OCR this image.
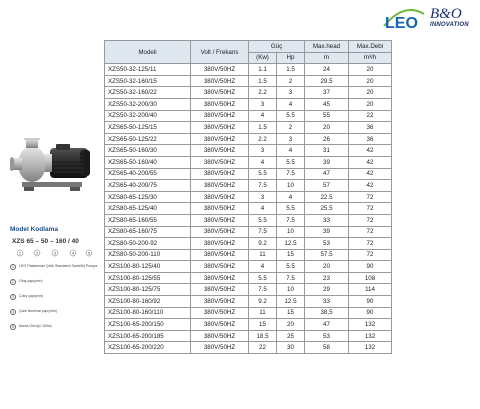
LEO
B&O
INNOVATION
Model Kodlama
XZS 65 – 50 – 160 / 40
1	2	3	4	5
1	LEO Paslanmaz Çelik Standardı Santrifüj Pompa
2	Giriş çapı(mm)
3	Çıkış çapı(mm)
4	Çark Nominal çapı(mm)
5	Anma Gücü(x 100w)
Modeli	Volt / Frekans	Güç		Max.head	Max.Debi
		(Kw)	Hp	m	m³/h
XZS50-32-125/11	380V/50HZ	1.1	1.5	24	20
XZS50-32-160/15	380V/50HZ	1.5	2	29.5	20
XZS50-32-160/22	380V/50HZ	2.2	3	37	20
XZS50-32-200/30	380V/50HZ	3	4	45	20
XZS50-32-200/40	380V/50HZ	4	5.5	55	22
XZS65-50-125/15	380V/50HZ	1.5	2	20	36
XZS65-50-125/22	380V/50HZ	2.2	3	26	36
XZS65-50-160/30	380V/50HZ	3	4	31	42
XZS65-50-160/40	380V/50HZ	4	5.5	39	42
XZS65-40-200/55	380V/50HZ	5.5	7.5	47	42
XZS65-40-200/75	380V/50HZ	7.5	10	57	42
XZS80-65-125/30	380V/50HZ	3	4	22.5	72
XZS80-65-125/40	380V/50HZ	4	5.5	25.5	72
XZS80-65-160/55	380V/50HZ	5.5	7.5	33	72
XZS80-65-160/75	380V/50HZ	7.5	10	39	72
XZS80-50-200-92	380V/50HZ	9.2	12.5	53	72
XZS80-50-200-110	380V/50HZ	11	15	57.5	72
XZS100-80-125/40	380V/50HZ	4	5.5	20	90
XZS100-80-125/55	380V/50HZ	5.5	7.5	23	108
XZS100-80-125/75	380V/50HZ	7.5	10	29	114
XZS100-80-160/92	380V/50HZ	9.2	12.5	33	90
XZS100-80-160/110	380V/50HZ	11	15	38,5	90
XZS100-65-200/150	380V/50HZ	15	20	47	132
XZS100-65-200/185	380V/50HZ	18.5	25	53	132
XZS100-65-200/220	380V/50HZ	22	30	58	132
